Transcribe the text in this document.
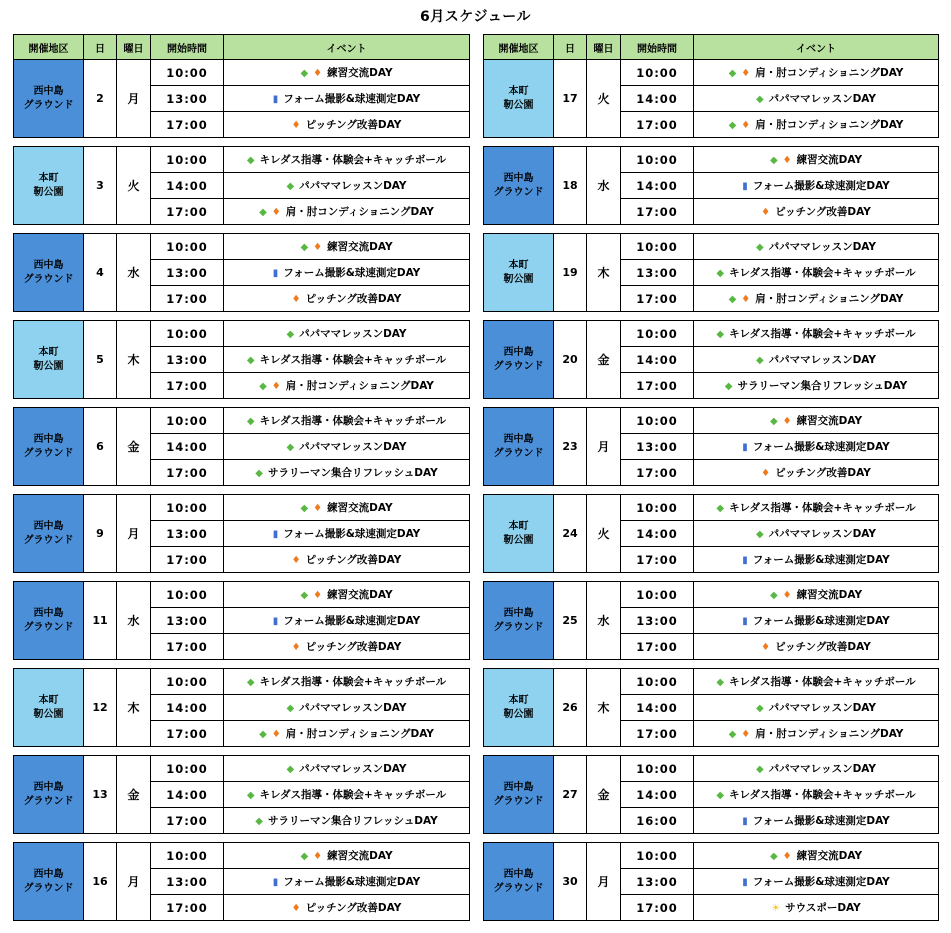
6月スケジュール
開催地区	日	曜日	開始時間	イベント
西中島
グラウンド	2	月	10:00	◆ ♦ 練習交流DAY
			13:00	▮ フォーム撮影&球速測定DAY
			17:00	♦ ピッチング改善DAY

本町
靭公園	3	火	10:00	◆ キレダス指導・体験会+キャッチボール
			14:00	◆ パパママレッスンDAY
			17:00	◆ ♦ 肩・肘コンディショニングDAY

西中島
グラウンド	4	水	10:00	◆ ♦ 練習交流DAY
			13:00	▮ フォーム撮影&球速測定DAY
			17:00	♦ ピッチング改善DAY

本町
靭公園	5	木	10:00	◆ パパママレッスンDAY
			13:00	◆ キレダス指導・体験会+キャッチボール
			17:00	◆ ♦ 肩・肘コンディショニングDAY

西中島
グラウンド	6	金	10:00	◆ キレダス指導・体験会+キャッチボール
			14:00	◆ パパママレッスンDAY
			17:00	◆ サラリーマン集合リフレッシュDAY

西中島
グラウンド	9	月	10:00	◆ ♦ 練習交流DAY
			13:00	▮ フォーム撮影&球速測定DAY
			17:00	♦ ピッチング改善DAY

西中島
グラウンド	11	水	10:00	◆ ♦ 練習交流DAY
			13:00	▮ フォーム撮影&球速測定DAY
			17:00	♦ ピッチング改善DAY

本町
靭公園	12	木	10:00	◆ キレダス指導・体験会+キャッチボール
			14:00	◆ パパママレッスンDAY
			17:00	◆ ♦ 肩・肘コンディショニングDAY

西中島
グラウンド	13	金	10:00	◆ パパママレッスンDAY
			14:00	◆ キレダス指導・体験会+キャッチボール
			17:00	◆ サラリーマン集合リフレッシュDAY

西中島
グラウンド	16	月	10:00	◆ ♦ 練習交流DAY
			13:00	▮ フォーム撮影&球速測定DAY
			17:00	♦ ピッチング改善DAY
開催地区	日	曜日	開始時間	イベント
本町
靭公園	17	火	10:00	◆ ♦ 肩・肘コンディショニングDAY
			14:00	◆ パパママレッスンDAY
			17:00	◆ ♦ 肩・肘コンディショニングDAY

西中島
グラウンド	18	水	10:00	◆ ♦ 練習交流DAY
			14:00	▮ フォーム撮影&球速測定DAY
			17:00	♦ ピッチング改善DAY

本町
靭公園	19	木	10:00	◆ パパママレッスンDAY
			13:00	◆ キレダス指導・体験会+キャッチボール
			17:00	◆ ♦ 肩・肘コンディショニングDAY

西中島
グラウンド	20	金	10:00	◆ キレダス指導・体験会+キャッチボール
			14:00	◆ パパママレッスンDAY
			17:00	◆ サラリーマン集合リフレッシュDAY

西中島
グラウンド	23	月	10:00	◆ ♦ 練習交流DAY
			13:00	▮ フォーム撮影&球速測定DAY
			17:00	♦ ピッチング改善DAY

本町
靭公園	24	火	10:00	◆ キレダス指導・体験会+キャッチボール
			14:00	◆ パパママレッスンDAY
			17:00	▮ フォーム撮影&球速測定DAY

西中島
グラウンド	25	水	10:00	◆ ♦ 練習交流DAY
			13:00	▮ フォーム撮影&球速測定DAY
			17:00	♦ ピッチング改善DAY

本町
靭公園	26	木	10:00	◆ キレダス指導・体験会+キャッチボール
			14:00	◆ パパママレッスンDAY
			17:00	◆ ♦ 肩・肘コンディショニングDAY

西中島
グラウンド	27	金	10:00	◆ パパママレッスンDAY
			14:00	◆ キレダス指導・体験会+キャッチボール
			16:00	▮ フォーム撮影&球速測定DAY

西中島
グラウンド	30	月	10:00	◆ ♦ 練習交流DAY
			13:00	▮ フォーム撮影&球速測定DAY
			17:00	☀ サウスポーDAY
